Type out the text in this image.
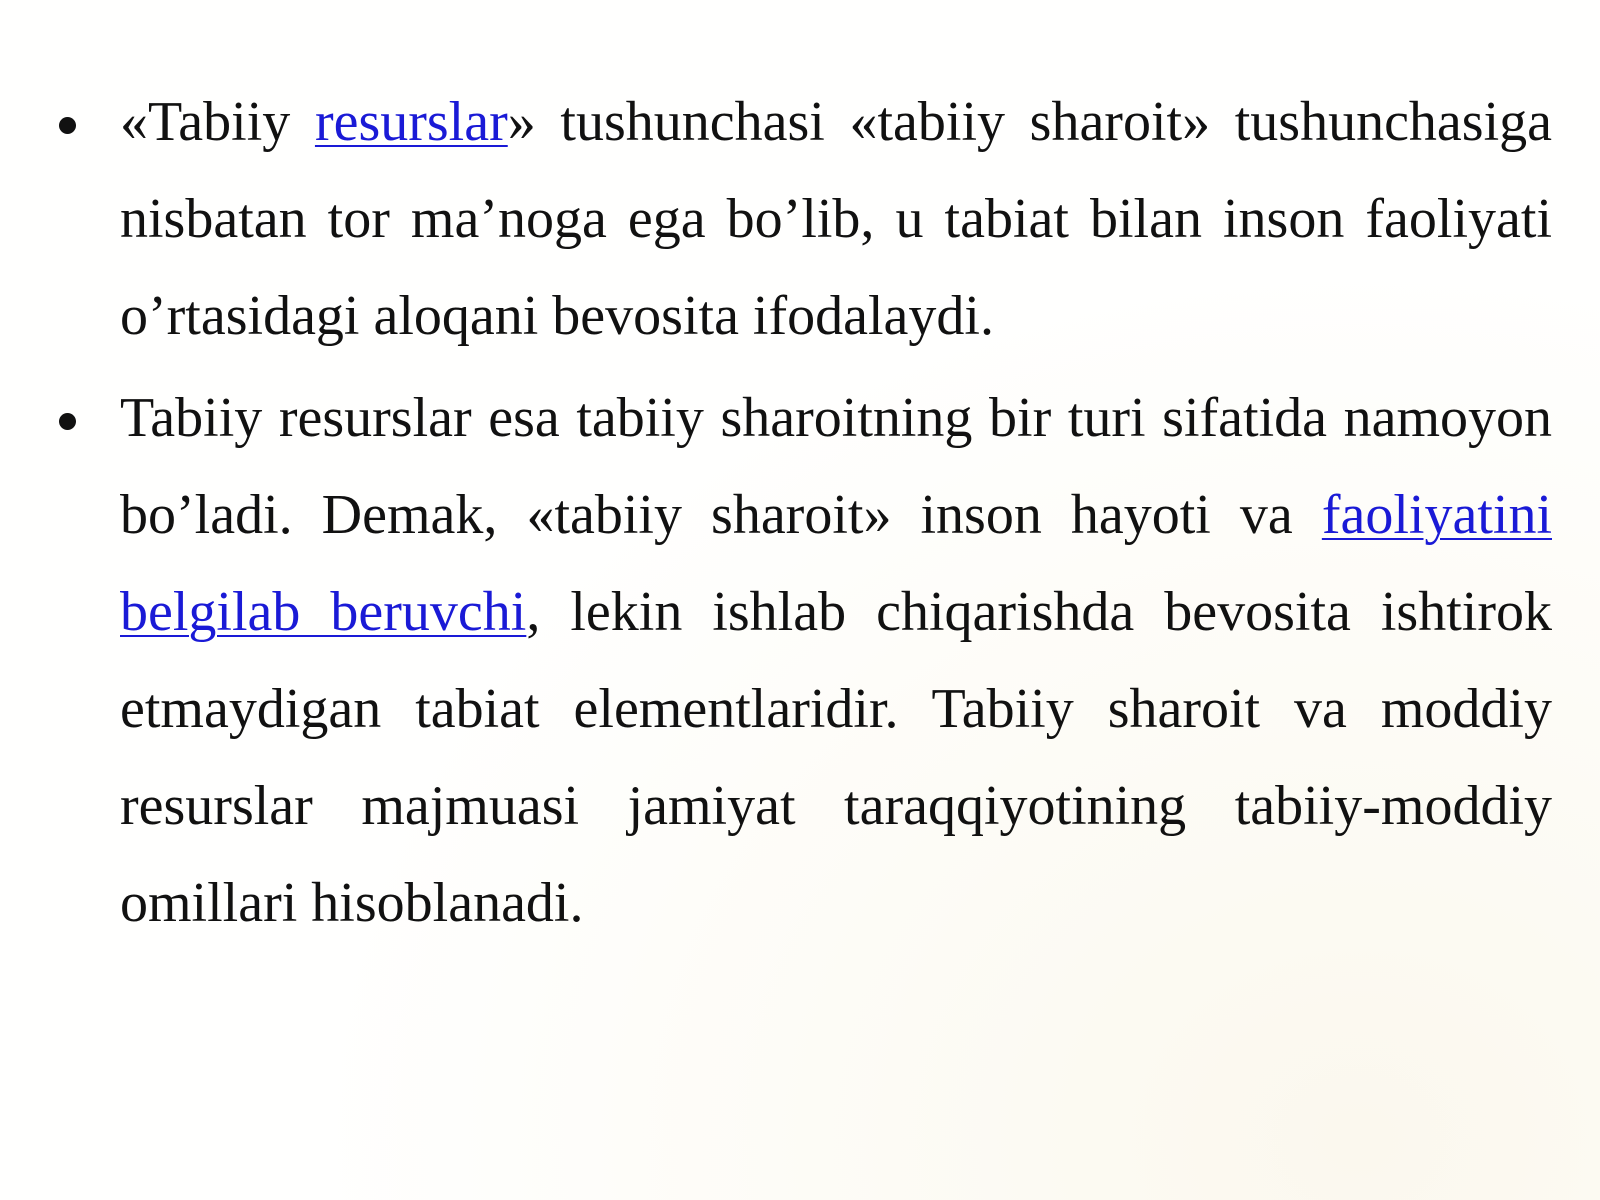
«Tabiiy resurslar» tushunchasi «tabiiy sharoit» tushunchasiga nisbatan tor ma’noga ega bo’lib, u tabiat bilan inson faoliyati o’rtasidagi aloqani bevosita ifodalaydi.
Tabiiy resurslar esa tabiiy sharoitning bir turi sifatida namoyon bo’ladi. Demak, «tabiiy sharoit» inson hayoti va faoliyatini belgilab beruvchi, lekin ishlab chiqarishda bevosita ishtirok etmaydigan tabiat elementlaridir. Tabiiy sharoit va moddiy resurslar majmuasi jamiyat taraqqiyotining tabiiy-moddiy omillari hisoblanadi.
